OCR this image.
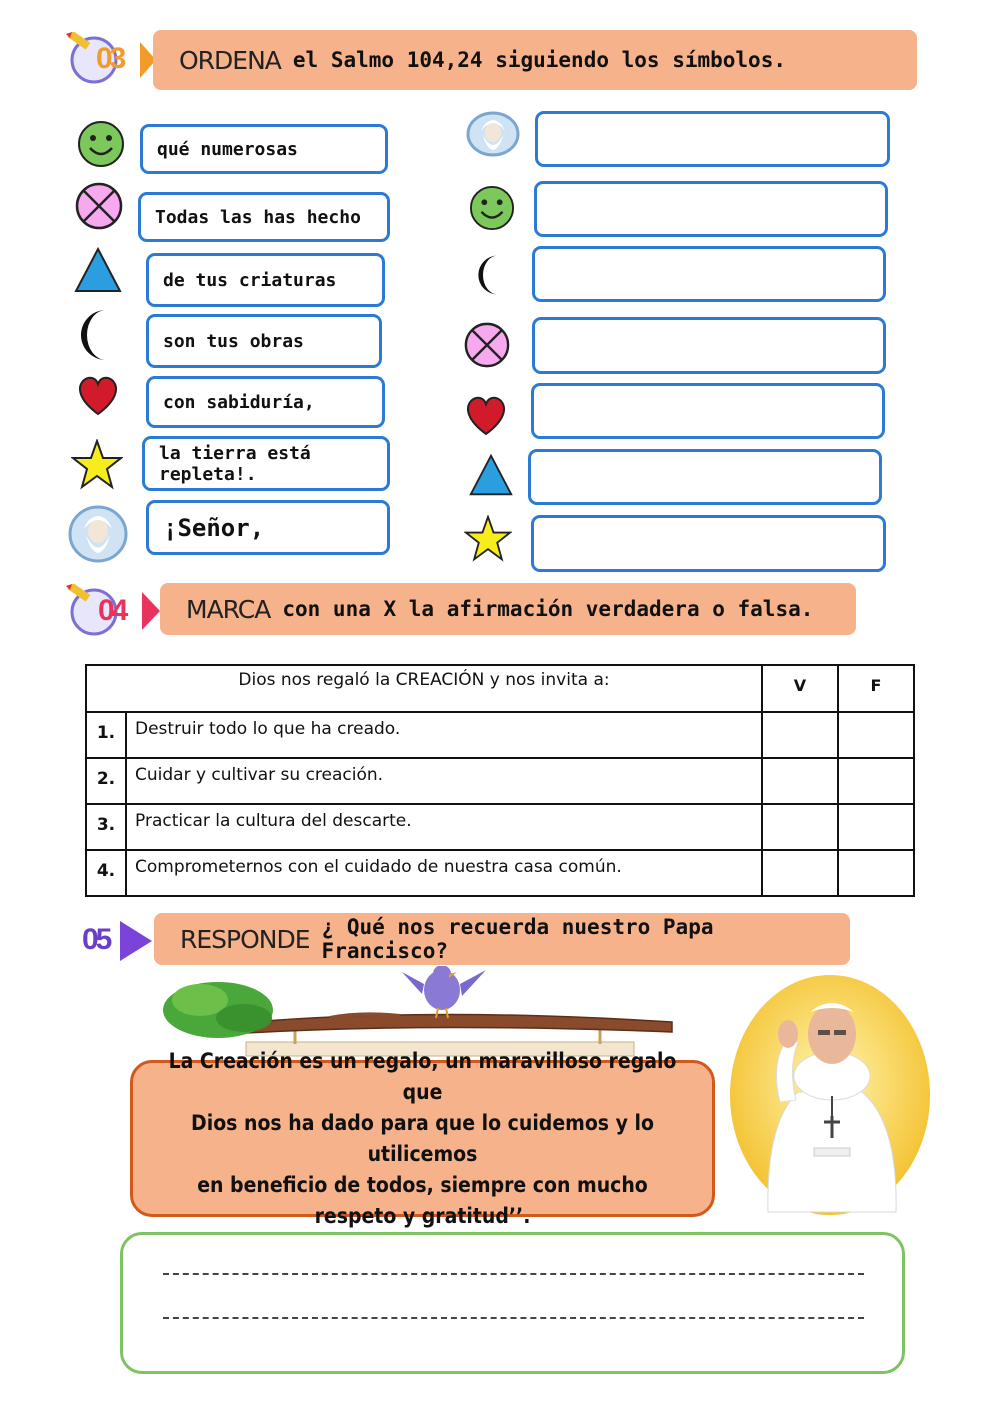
03 ORDENA el Salmo 104,24 siguiendo los símbolos.
qué numerosas
Todas las has hecho
de tus criaturas
son tus obras
con sabiduría,
la tierra está repleta!.
¡Señor,
04 MARCA con una X la afirmación verdadera o falsa.
Dios nos regaló la CREACIÓN y nos invita a:		V	F
1.	Destruir todo lo que ha creado.		
2.	Cuidar y cultivar su creación.		
3.	Practicar la cultura del descarte.		
4.	Comprometernos con el cuidado de nuestra casa común.		
05	RESPONDE ¿ Qué nos recuerda nuestro Papa Francisco?
La Creación es un regalo, un maravilloso regalo que
Dios nos ha dado para que lo cuidemos y lo utilicemos
en beneficio de todos, siempre con mucho
respeto y gratitud’’.
